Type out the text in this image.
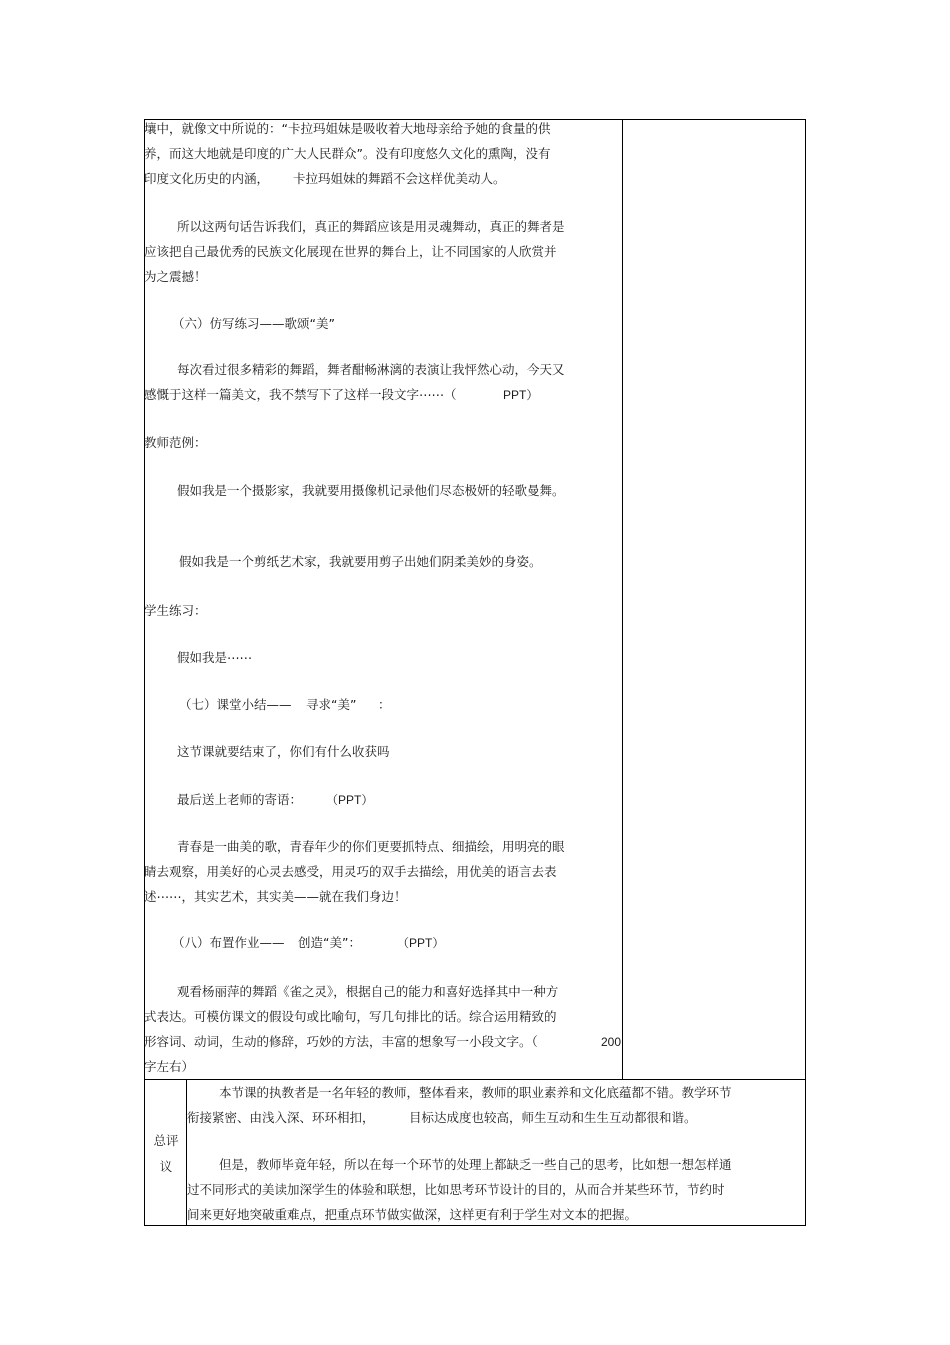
壤中，就像文中所说的：“卡拉玛姐妹是吸收着大地母亲给予她的食量的供
养，而这大地就是印度的广大人民群众”。没有印度悠久文化的熏陶，没有
印度文化历史的内涵， 卡拉玛姐妹的舞蹈不会这样优美动人。
所以这两句话告诉我们，真正的舞蹈应该是用灵魂舞动，真正的舞者是
应该把自己最优秀的民族文化展现在世界的舞台上，让不同国家的人欣赏并
为之震撼！
（六）仿写练习——歌颂“美”
每次看过很多精彩的舞蹈，舞者酣畅淋漓的表演让我怦然心动，今天又
感慨于这样一篇美文，我不禁写下了这样一段文字⋯⋯（	PPT）
教师范例：
假如我是一个摄影家，我就要用摄像机记录他们尽态极妍的轻歌曼舞。
假如我是一个剪纸艺术家，我就要用剪子出她们阴柔美妙的身姿。
学生练习：
假如我是⋯⋯
（七）课堂小结—— 寻求“美” ：
这节课就要结束了，你们有什么收获吗
最后送上老师的寄语： （PPT）
青春是一曲美的歌，青春年少的你们更要抓特点、细描绘，用明亮的眼
睛去观察，用美好的心灵去感受，用灵巧的双手去描绘，用优美的语言去表
述⋯⋯，其实艺术，其实美——就在我们身边！
（八）布置作业—— 创造“美”：	（PPT）
观看杨丽萍的舞蹈《雀之灵》，根据自己的能力和喜好选择其中一种方
式表达。可模仿课文的假设句或比喻句，写几句排比的话。综合运用精致的
形容词、动词，生动的修辞，巧妙的方法，丰富的想象写一小段文字。（	200
字左右）
总评
议
本节课的执教者是一名年轻的教师，整体看来，教师的职业素养和文化底蕴都不错。教学环节
衔接紧密、由浅入深、环环相扣，	目标达成度也较高，师生互动和生生互动都很和谐。
但是，教师毕竟年轻，所以在每一个环节的处理上都缺乏一些自己的思考，比如想一想怎样通
过不同形式的美读加深学生的体验和联想，比如思考环节设计的目的，从而合并某些环节，节约时
间来更好地突破重难点，把重点环节做实做深，这样更有利于学生对文本的把握。
